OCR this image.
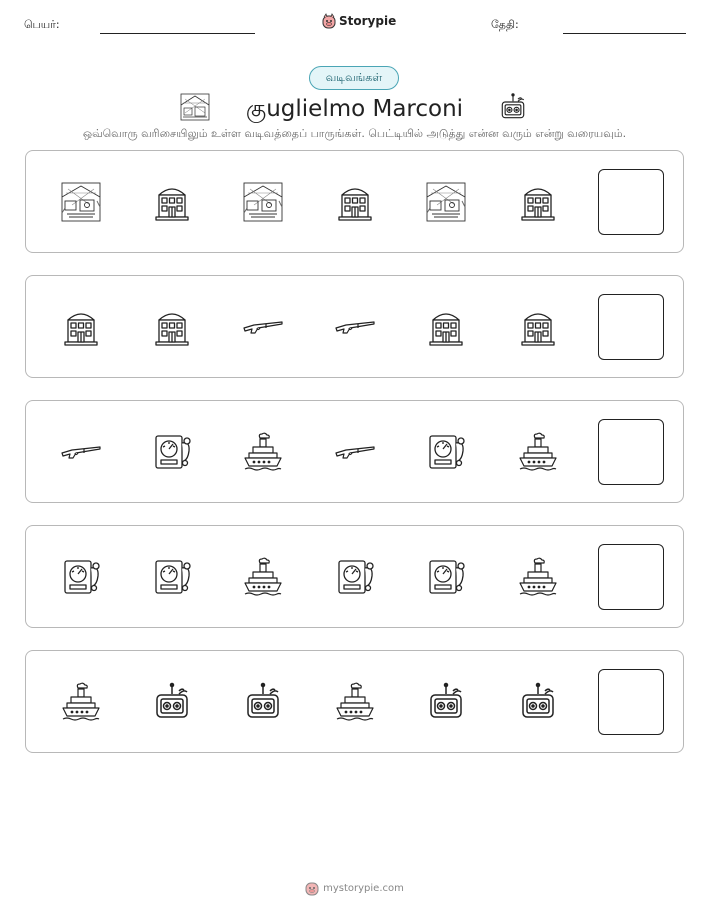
பெயர்:	Storypie	தேதி:
வடிவங்கள்
குuglielmo Marconi
ஒவ்வொரு வரிசையிலும் உள்ள வடிவத்தைப் பாருங்கள். பெட்டியில் அடுத்து என்ன வரும் என்று வரையவும்.
mystorypie.com
